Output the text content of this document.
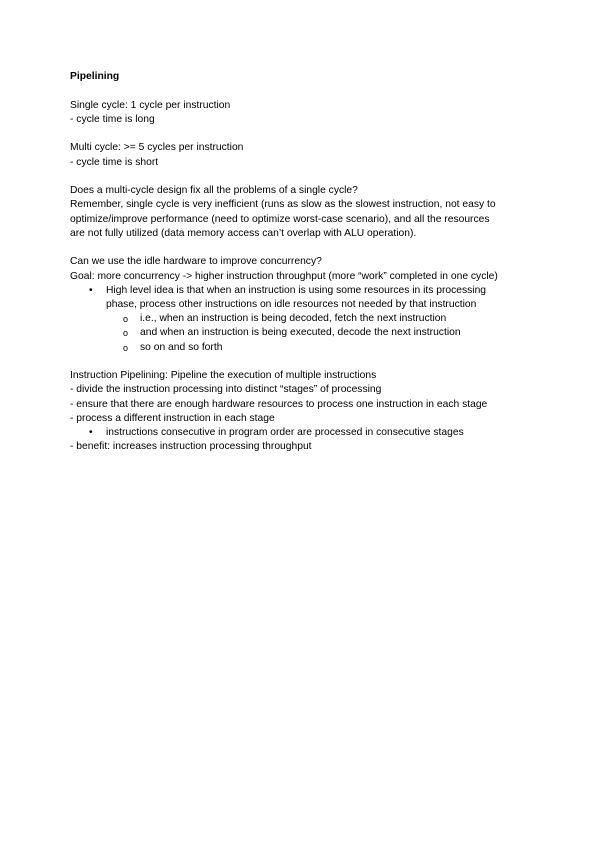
Pipelining
Single cycle: 1 cycle per instruction
- cycle time is long
Multi cycle: >= 5 cycles per instruction
- cycle time is short
Does a multi-cycle design fix all the problems of a single cycle?
Remember, single cycle is very inefficient (runs as slow as the slowest instruction, not easy to
optimize/improve performance (need to optimize worst-case scenario), and all the resources
are not fully utilized (data memory access can’t overlap with ALU operation).
Can we use the idle hardware to improve concurrency?
Goal: more concurrency -> higher instruction throughput (more “work” completed in one cycle)
• High level idea is that when an instruction is using some resources in its processing
phase, process other instructions on idle resources not needed by that instruction
o i.e., when an instruction is being decoded, fetch the next instruction
o and when an instruction is being executed, decode the next instruction
o so on and so forth
Instruction Pipelining: Pipeline the execution of multiple instructions
- divide the instruction processing into distinct “stages” of processing
- ensure that there are enough hardware resources to process one instruction in each stage
- process a different instruction in each stage
• instructions consecutive in program order are processed in consecutive stages
- benefit: increases instruction processing throughput
